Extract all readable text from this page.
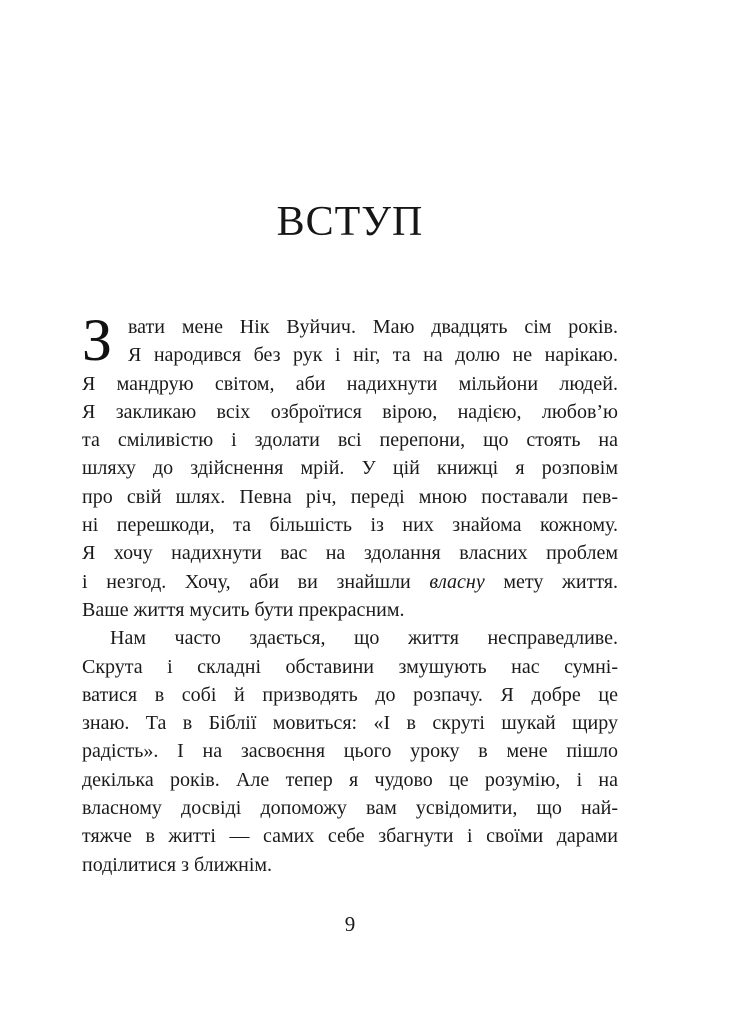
ВСТУП
З вати мене Нік Вуйчич. Маю двадцять сім років.
Я народився без рук і ніг, та на долю не нарікаю.
Я мандрую світом, аби надихнути мільйони людей.
Я закликаю всіх озброїтися вірою, надією, любов’ю
та сміливістю і здолати всі перепони, що стоять на
шляху до здійснення мрій. У цій книжці я розповім
про свій шлях. Певна річ, переді мною поставали пев-
ні перешкоди, та більшість із них знайома кожному.
Я хочу надихнути вас на здолання власних проблем
і незгод. Хочу, аби ви знайшли власну мету життя.
Ваше життя мусить бути прекрасним.
Нам часто здається, що життя несправедливе.
Скрута і складні обставини змушують нас сумні-
ватися в собі й призводять до розпачу. Я добре це
знаю. Та в Біблії мовиться: «І в скруті шукай щиру
радість». І на засвоєння цього уроку в мене пішло
декілька років. Але тепер я чудово це розумію, і на
власному досвіді допоможу вам усвідомити, що най-
тяжче в житті — самих себе збагнути і своїми дарами
поділитися з ближнім.
9
